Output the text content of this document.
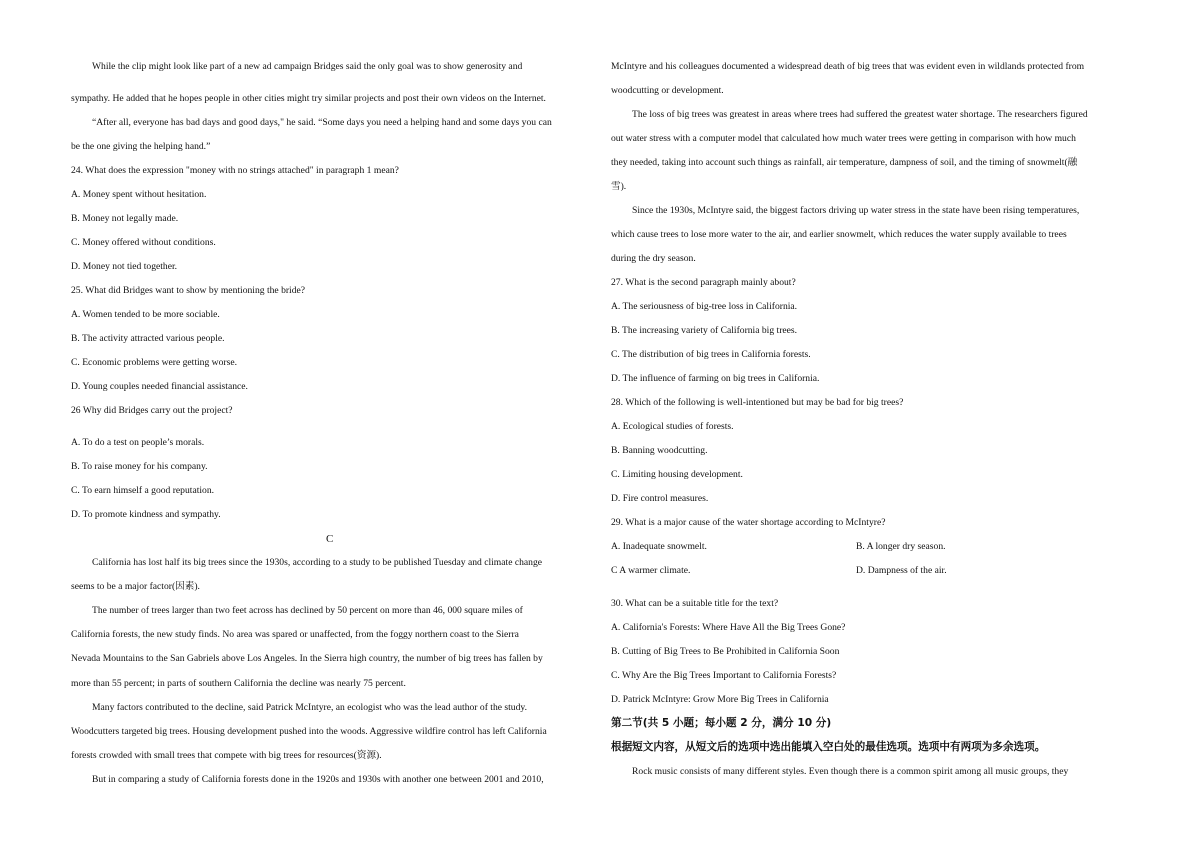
While the clip might look like part of a new ad campaign Bridges said the only goal was to show generosity and
sympathy. He added that he hopes people in other cities might try similar projects and post their own videos on the Internet.
“After all, everyone has bad days and good days," he said. “Some days you need a helping hand and some days you can
be the one giving the helping hand.”
24. What does the expression "money with no strings attached" in paragraph 1 mean?
A. Money spent without hesitation.
B. Money not legally made.
C. Money offered without conditions.
D. Money not tied together.
25. What did Bridges want to show by mentioning the bride?
A. Women tended to be more sociable.
B. The activity attracted various people.
C. Economic problems were getting worse.
D. Young couples needed financial assistance.
26 Why did Bridges carry out the project?
A. To do a test on people’s morals.
B. To raise money for his company.
C. To earn himself a good reputation.
D. To promote kindness and sympathy.
C
California has lost half its big trees since the 1930s, according to a study to be published Tuesday and climate change
seems to be a major factor(因素).
The number of trees larger than two feet across has declined by 50 percent on more than 46, 000 square miles of
California forests, the new study finds. No area was spared or unaffected, from the foggy northern coast to the Sierra
Nevada Mountains to the San Gabriels above Los Angeles. In the Sierra high country, the number of big trees has fallen by
more than 55 percent; in parts of southern California the decline was nearly 75 percent.
Many factors contributed to the decline, said Patrick McIntyre, an ecologist who was the lead author of the study.
Woodcutters targeted big trees. Housing development pushed into the woods. Aggressive wildfire control has left California
forests crowded with small trees that compete with big trees for resources(资源).
But in comparing a study of California forests done in the 1920s and 1930s with another one between 2001 and 2010,
McIntyre and his colleagues documented a widespread death of big trees that was evident even in wildlands protected from
woodcutting or development.
The loss of big trees was greatest in areas where trees had suffered the greatest water shortage. The researchers figured
out water stress with a computer model that calculated how much water trees were getting in comparison with how much
they needed, taking into account such things as rainfall, air temperature, dampness of soil, and the timing of snowmelt(融
雪).
Since the 1930s, McIntyre said, the biggest factors driving up water stress in the state have been rising temperatures,
which cause trees to lose more water to the air, and earlier snowmelt, which reduces the water supply available to trees
during the dry season.
27. What is the second paragraph mainly about?
A. The seriousness of big-tree loss in California.
B. The increasing variety of California big trees.
C. The distribution of big trees in California forests.
D. The influence of farming on big trees in California.
28. Which of the following is well-intentioned but may be bad for big trees?
A. Ecological studies of forests.
B. Banning woodcutting.
C. Limiting housing development.
D. Fire control measures.
29. What is a major cause of the water shortage according to McIntyre?
A. Inadequate snowmelt.	B. A longer dry season.
C A warmer climate.	D. Dampness of the air.
30. What can be a suitable title for the text?
A. California's Forests: Where Have All the Big Trees Gone?
B. Cutting of Big Trees to Be Prohibited in California Soon
C. Why Are the Big Trees Important to California Forests?
D. Patrick McIntyre: Grow More Big Trees in California
第二节(共 5 小题；每小题 2 分，满分 10 分)
根据短文内容，从短文后的选项中选出能填入空白处的最佳选项。选项中有两项为多余选项。
Rock music consists of many different styles. Even though there is a common spirit among all music groups, they
